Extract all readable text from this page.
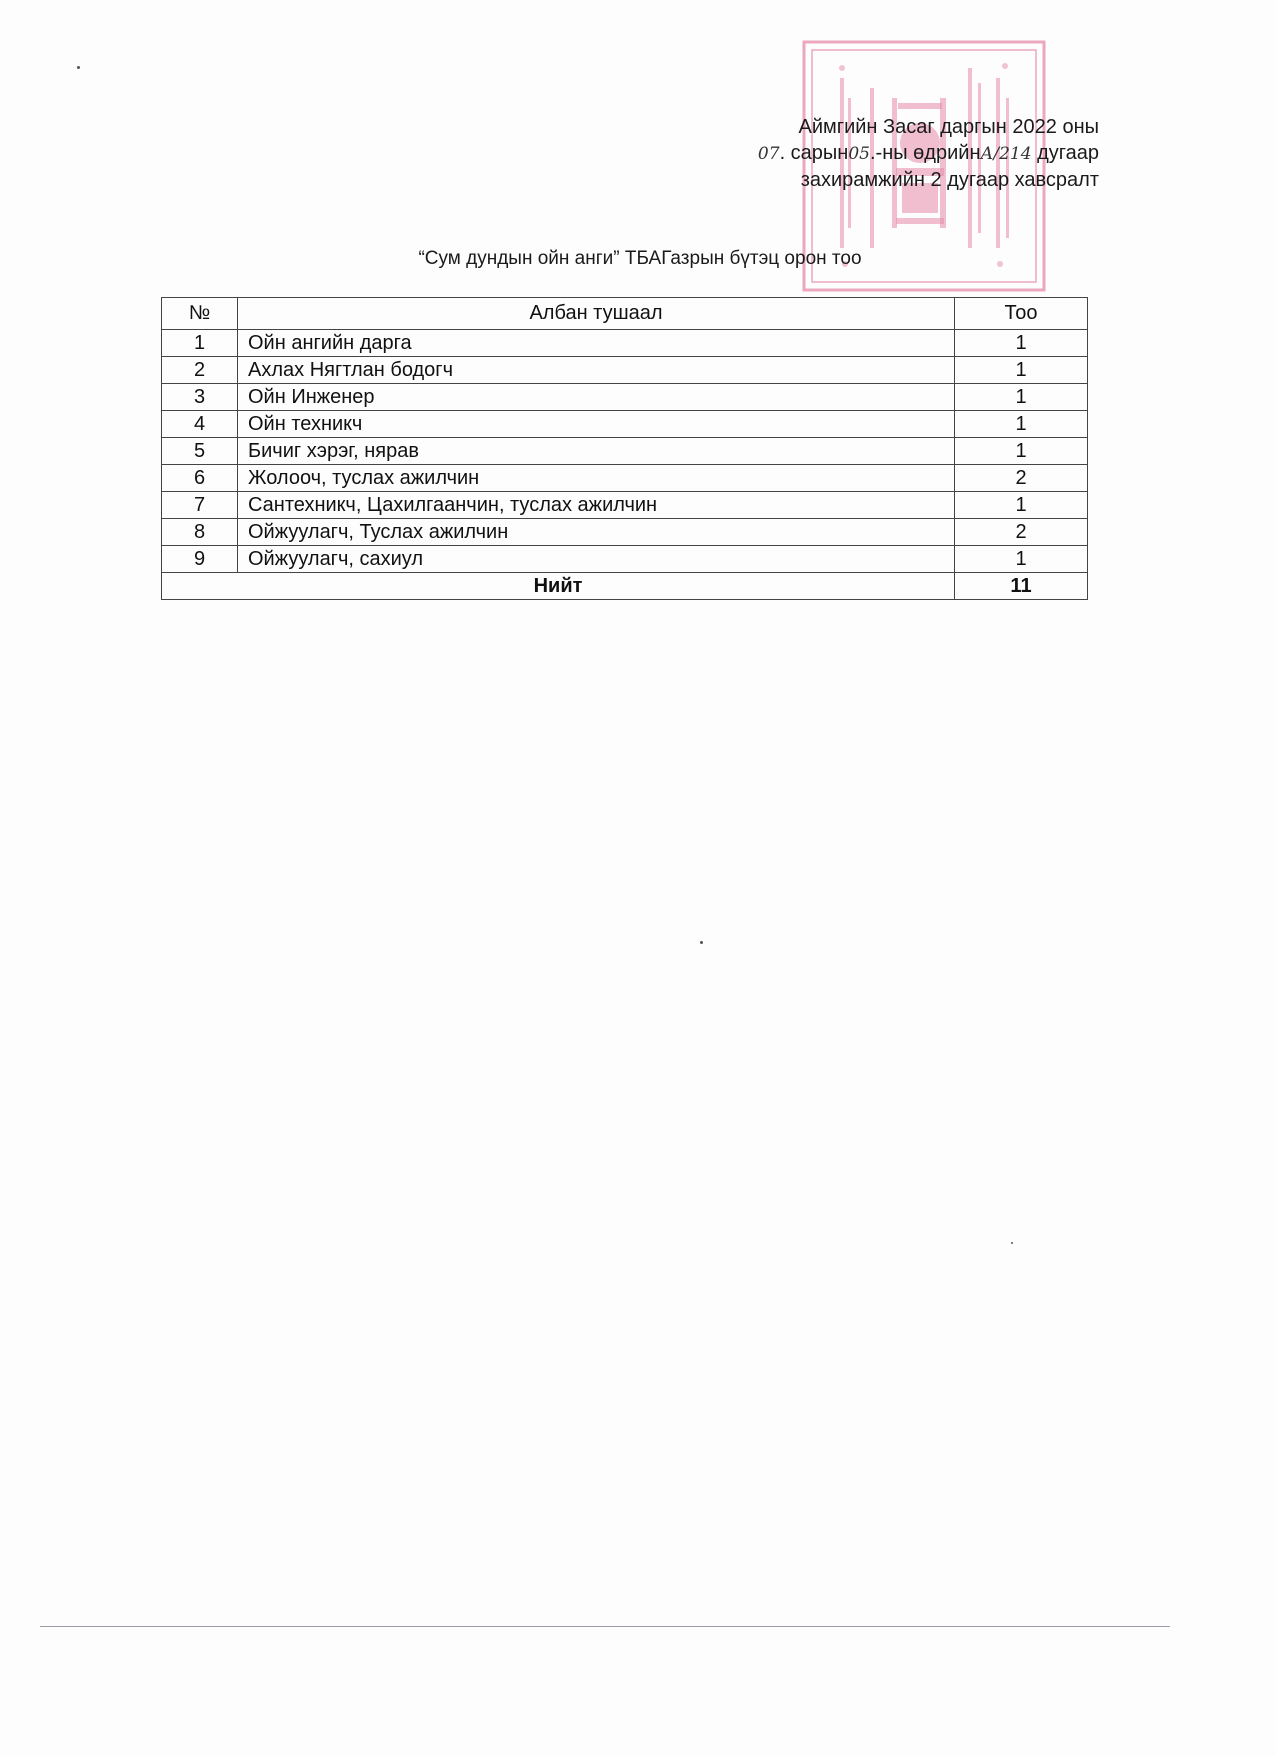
Аймгийн Засаг даргын 2022 оны
07. сарын05.-ны өдрийнА/214 дугаар
захирамжийн 2 дугаар хавсралт
“Сум дундын ойн анги” ТБАГазрын бүтэц орон тоо
№	Албан тушаал	Тоо
1	Ойн ангийн дарга	1
2	Ахлах Нягтлан бодогч	1
3	Ойн Инженер	1
4	Ойн техникч	1
5	Бичиг хэрэг, нярав	1
6	Жолооч, туслах ажилчин	2
7	Сантехникч, Цахилгаанчин, туслах ажилчин	1
8	Ойжуулагч, Туслах ажилчин	2
9	Ойжуулагч, сахиул	1
Нийт		11
